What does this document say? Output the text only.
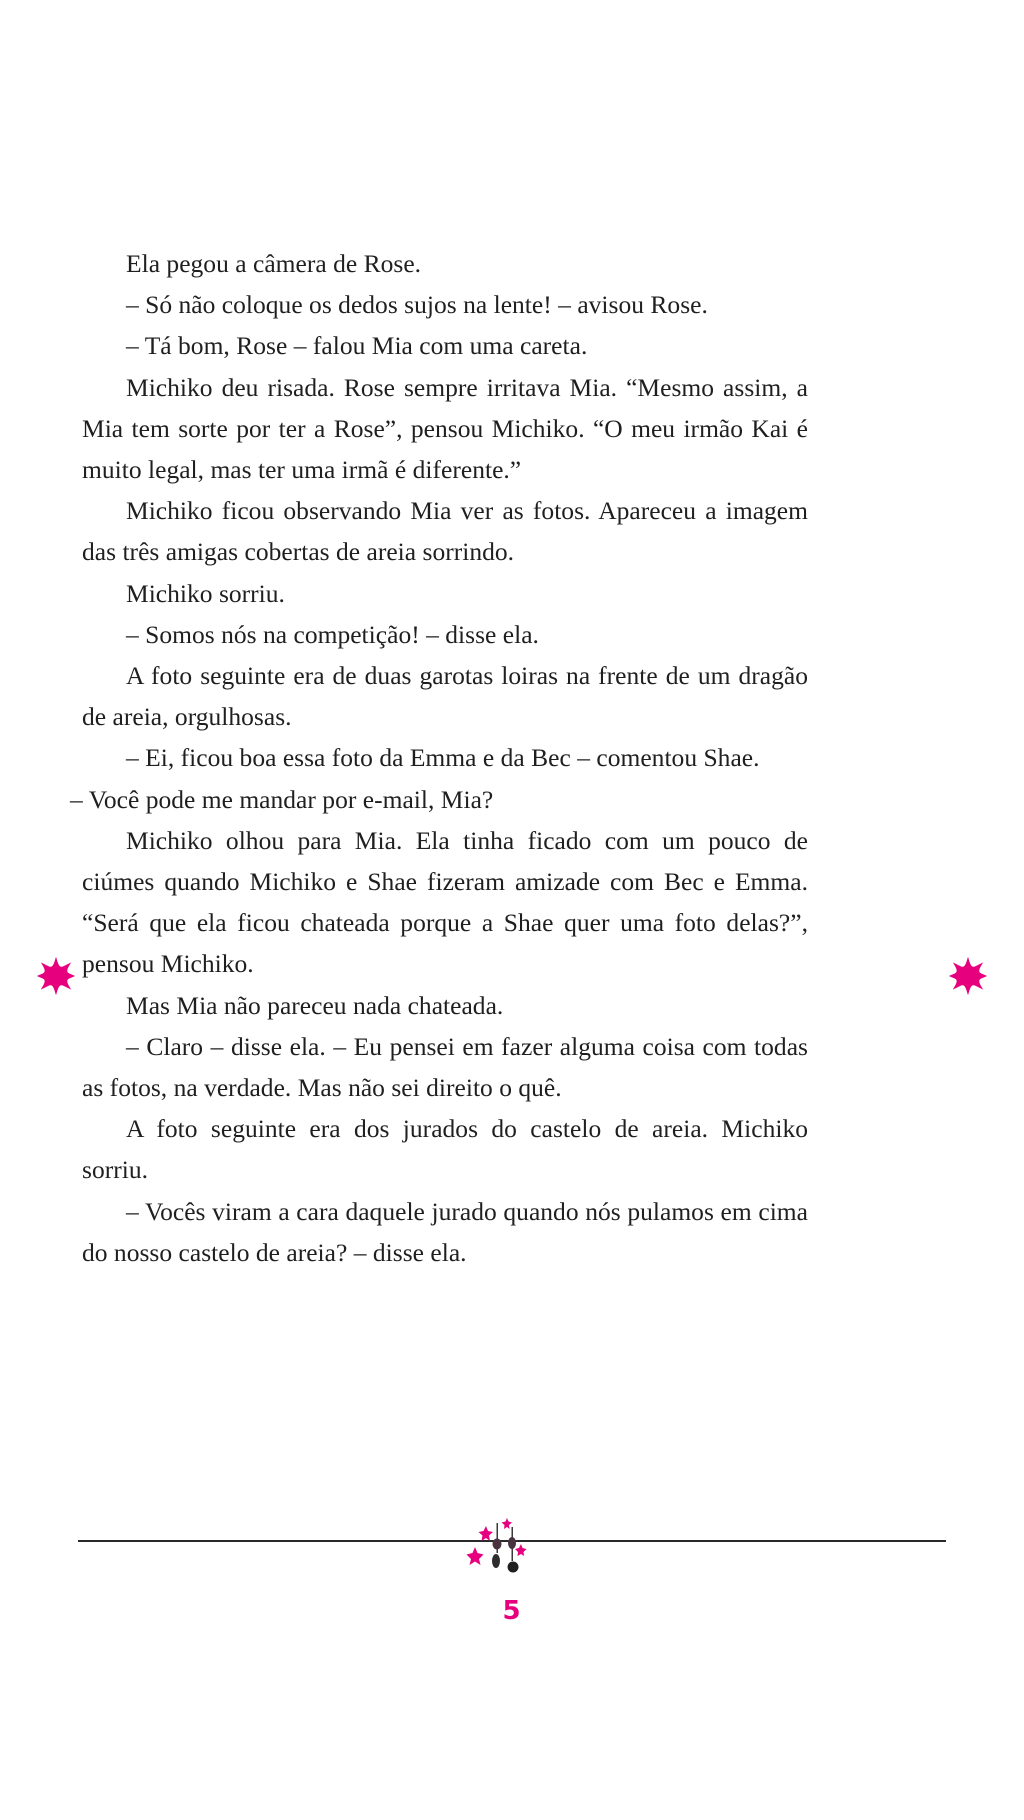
Ela pegou a câmera de Rose.

– Só não coloque os dedos sujos na lente! – avisou Rose.

– Tá bom, Rose – falou Mia com uma careta.

Michiko deu risada. Rose sempre irritava Mia. “Mesmo assim, a Mia tem sorte por ter a Rose”, pensou Michiko. “O meu irmão Kai é muito legal, mas ter uma irmã é diferente.”

Michiko ficou observando Mia ver as fotos. Apareceu a imagem das três amigas cobertas de areia sorrindo.

Michiko sorriu.

– Somos nós na competição! – disse ela.

A foto seguinte era de duas garotas loiras na frente de um dragão de areia, orgulhosas.

– Ei, ficou boa essa foto da Emma e da Bec – comentou Shae.

– Você pode me mandar por e-mail, Mia?

Michiko olhou para Mia. Ela tinha ficado com um pouco de ciúmes quando Michiko e Shae fizeram amizade com Bec e Emma. “Será que ela ficou chateada porque a Shae quer uma foto delas?”, pensou Michiko.

Mas Mia não pareceu nada chateada.

– Claro – disse ela. – Eu pensei em fazer alguma coisa com todas as fotos, na verdade. Mas não sei direito o quê.

A foto seguinte era dos jurados do castelo de areia. Michiko sorriu.

– Vocês viram a cara daquele jurado quando nós pulamos em cima do nosso castelo de areia? – disse ela.

5
